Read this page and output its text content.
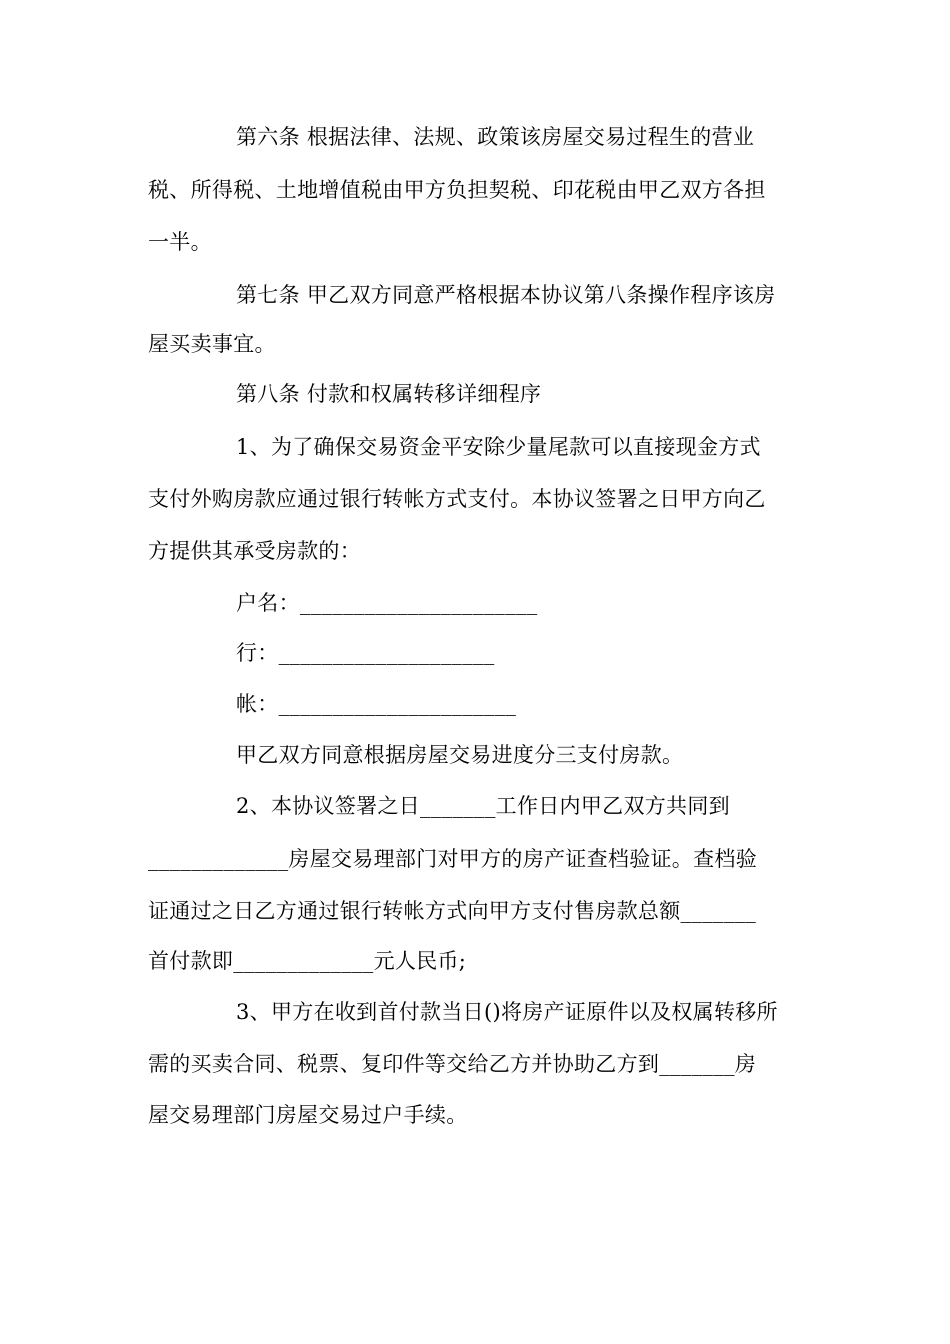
第六条 根据法律、法规、政策该房屋交易过程生的营业
税、所得税、土地增值税由甲方负担契税、印花税由甲乙双方各担
一半。
第七条 甲乙双方同意严格根据本协议第八条操作程序该房
屋买卖事宜。
第八条 付款和权属转移详细程序
1、为了确保交易资金平安除少量尾款可以直接现金方式
支付外购房款应通过银行转帐方式支付。本协议签署之日甲方向乙
方提供其承受房款的：
户名：______________________
行：____________________
帐：______________________
甲乙双方同意根据房屋交易进度分三支付房款。
2、本协议签署之日_______工作日内甲乙双方共同到
_____________房屋交易理部门对甲方的房产证查档验证。查档验
证通过之日乙方通过银行转帐方式向甲方支付售房款总额_______
首付款即_____________元人民币;
3、甲方在收到首付款当日()将房产证原件以及权属转移所
需的买卖合同、税票、复印件等交给乙方并协助乙方到_______房
屋交易理部门房屋交易过户手续。
